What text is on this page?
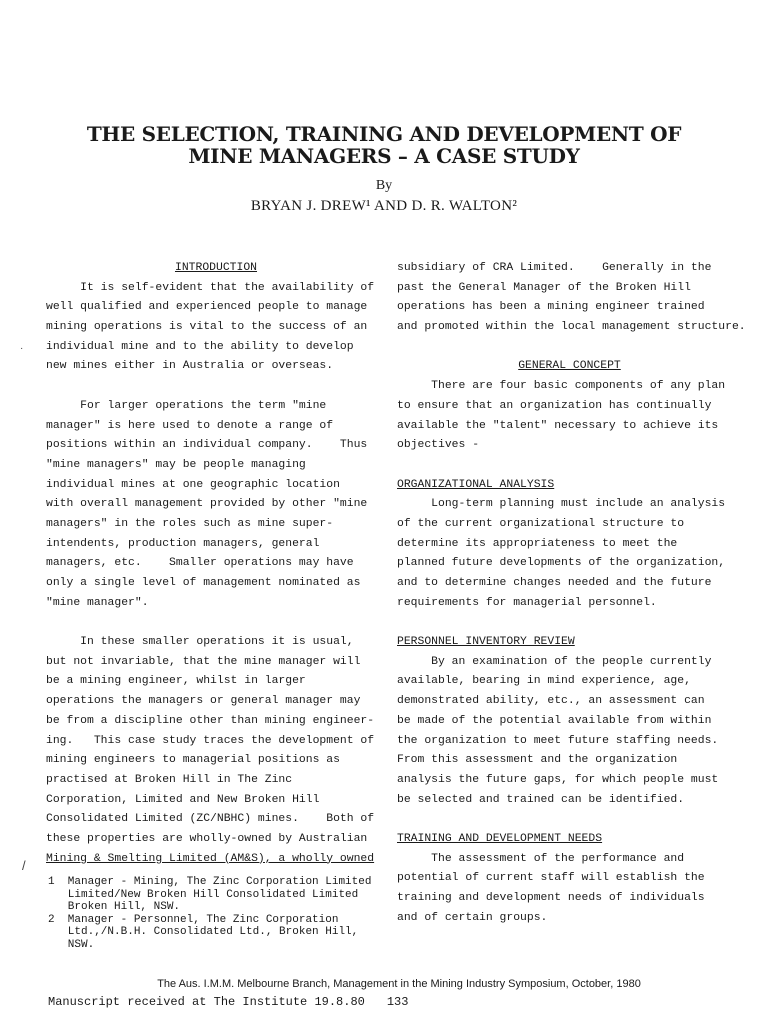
THE SELECTION, TRAINING AND DEVELOPMENT OF
MINE MANAGERS – A CASE STUDY
By
BRYAN J. DREW¹ AND D. R. WALTON²
INTRODUCTION
It is self-evident that the availability of
well qualified and experienced people to manage
mining operations is vital to the success of an
individual mine and to the ability to develop
new mines either in Australia or overseas.
For larger operations the term "mine
manager" is here used to denote a range of
positions within an individual company.    Thus
"mine managers" may be people managing
individual mines at one geographic location
with overall management provided by other "mine
managers" in the roles such as mine super-
intendents, production managers, general
managers, etc.    Smaller operations may have
only a single level of management nominated as
"mine manager".
In these smaller operations it is usual,
but not invariable, that the mine manager will
be a mining engineer, whilst in larger
operations the managers or general manager may
be from a discipline other than mining engineer-
ing.   This case study traces the development of
mining engineers to managerial positions as
practised at Broken Hill in The Zinc
Corporation, Limited and New Broken Hill
Consolidated Limited (ZC/NBHC) mines.    Both of
these properties are wholly-owned by Australian
Mining & Smelting Limited (AM&S), a wholly owned
subsidiary of CRA Limited.    Generally in the
past the General Manager of the Broken Hill
operations has been a mining engineer trained
and promoted within the local management structure.
GENERAL CONCEPT
There are four basic components of any plan
to ensure that an organization has continually
available the "talent" necessary to achieve its
objectives -
ORGANIZATIONAL ANALYSIS
Long-term planning must include an analysis
of the current organizational structure to
determine its appropriateness to meet the
planned future developments of the organization,
and to determine changes needed and the future
requirements for managerial personnel.
PERSONNEL INVENTORY REVIEW
By an examination of the people currently
available, bearing in mind experience, age,
demonstrated ability, etc., an assessment can
be made of the potential available from within
the organization to meet future staffing needs.
From this assessment and the organization
analysis the future gaps, for which people must
be selected and trained can be identified.
TRAINING AND DEVELOPMENT NEEDS
The assessment of the performance and
potential of current staff will establish the
training and development needs of individuals
and of certain groups.
1  Manager - Mining, The Zinc Corporation Limited
Limited/New Broken Hill Consolidated Limited
Broken Hill, NSW.
2  Manager - Personnel, The Zinc Corporation
Ltd.,/N.B.H. Consolidated Ltd., Broken Hill,
NSW.
The Aus. I.M.M. Melbourne Branch, Management in the Mining Industry Symposium, October, 1980
Manuscript received at The Institute 19.8.80 133
·
/
